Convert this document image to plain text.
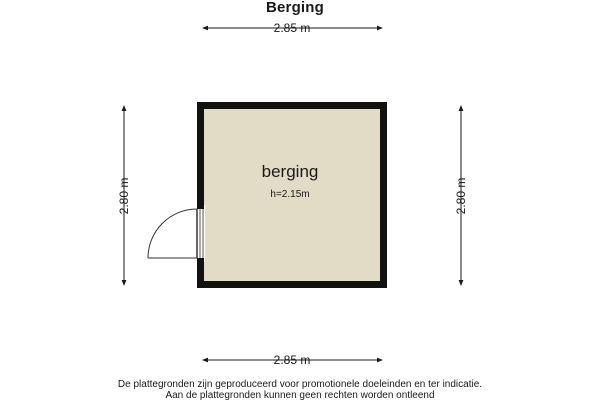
Berging
2.85 m
2.80 m	2.80 m
2.85 m
berging
h=2.15m
De plattegronden zijn geproduceerd voor promotionele doeleinden en ter indicatie.
Aan de plattegronden kunnen geen rechten worden ontleend
